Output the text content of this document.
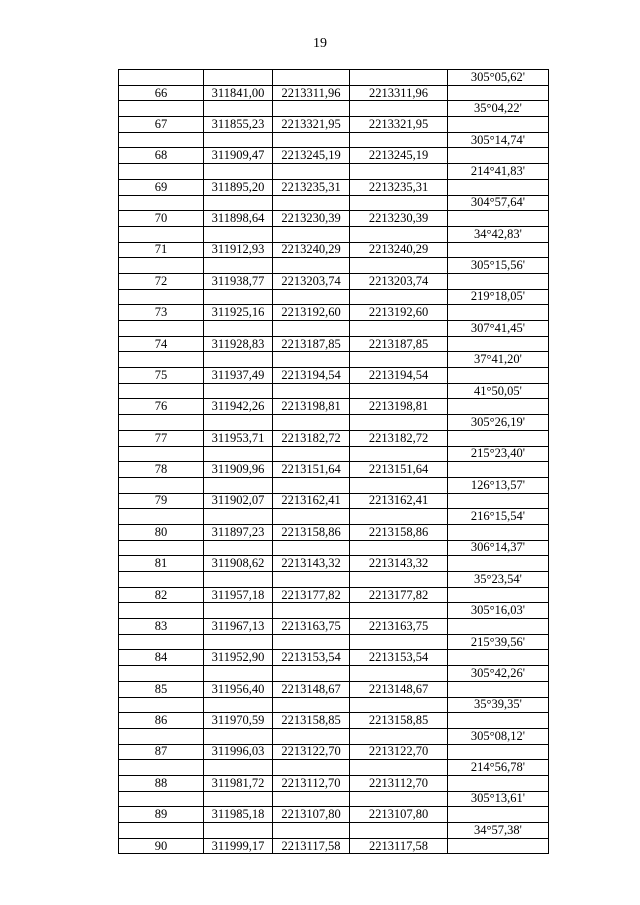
19
				305°05,62'
66	311841,00	2213311,96	2213311,96	
				35°04,22'
67	311855,23	2213321,95	2213321,95	
				305°14,74'
68	311909,47	2213245,19	2213245,19	
				214°41,83'
69	311895,20	2213235,31	2213235,31	
				304°57,64'
70	311898,64	2213230,39	2213230,39	
				34°42,83'
71	311912,93	2213240,29	2213240,29	
				305°15,56'
72	311938,77	2213203,74	2213203,74	
				219°18,05'
73	311925,16	2213192,60	2213192,60	
				307°41,45'
74	311928,83	2213187,85	2213187,85	
				37°41,20'
75	311937,49	2213194,54	2213194,54	
				41°50,05'
76	311942,26	2213198,81	2213198,81	
				305°26,19'
77	311953,71	2213182,72	2213182,72	
				215°23,40'
78	311909,96	2213151,64	2213151,64	
				126°13,57'
79	311902,07	2213162,41	2213162,41	
				216°15,54'
80	311897,23	2213158,86	2213158,86	
				306°14,37'
81	311908,62	2213143,32	2213143,32	
				35°23,54'
82	311957,18	2213177,82	2213177,82	
				305°16,03'
83	311967,13	2213163,75	2213163,75	
				215°39,56'
84	311952,90	2213153,54	2213153,54	
				305°42,26'
85	311956,40	2213148,67	2213148,67	
				35°39,35'
86	311970,59	2213158,85	2213158,85	
				305°08,12'
87	311996,03	2213122,70	2213122,70	
				214°56,78'
88	311981,72	2213112,70	2213112,70	
				305°13,61'
89	311985,18	2213107,80	2213107,80	
				34°57,38'
90	311999,17	2213117,58	2213117,58	
